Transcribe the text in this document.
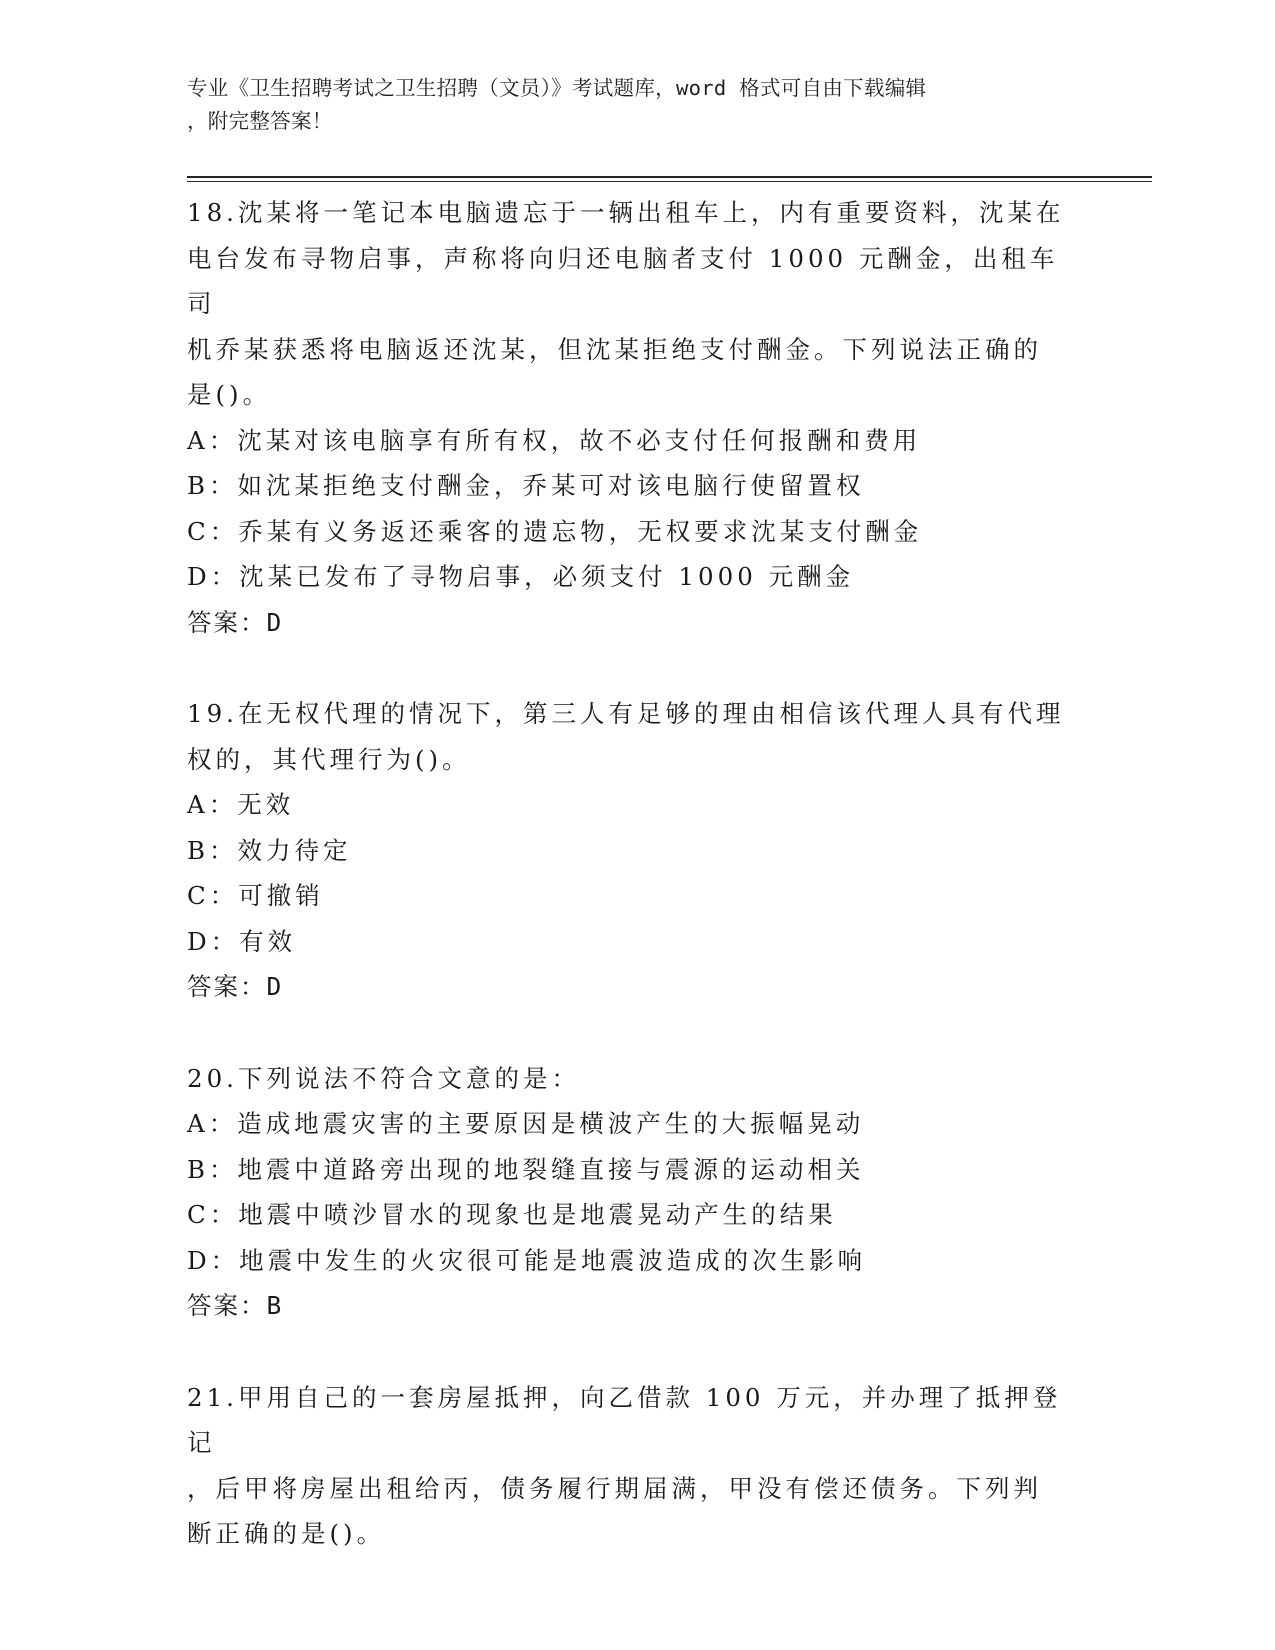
专业《卫生招聘考试之卫生招聘（文员）》考试题库，word 格式可自由下载编辑
，附完整答案！
18.沈某将一笔记本电脑遗忘于一辆出租车上，内有重要资料，沈某在
电台发布寻物启事，声称将向归还电脑者支付 1000 元酬金，出租车司
机乔某获悉将电脑返还沈某，但沈某拒绝支付酬金。下列说法正确的
是()。
A：沈某对该电脑享有所有权，故不必支付任何报酬和费用
B：如沈某拒绝支付酬金，乔某可对该电脑行使留置权
C：乔某有义务返还乘客的遗忘物，无权要求沈某支付酬金
D：沈某已发布了寻物启事，必须支付 1000 元酬金
答案：D
19.在无权代理的情况下，第三人有足够的理由相信该代理人具有代理
权的，其代理行为()。
A：无效
B：效力待定
C：可撤销
D：有效
答案：D
20.下列说法不符合文意的是：
A：造成地震灾害的主要原因是横波产生的大振幅晃动
B：地震中道路旁出现的地裂缝直接与震源的运动相关
C：地震中喷沙冒水的现象也是地震晃动产生的结果
D：地震中发生的火灾很可能是地震波造成的次生影响
答案：B
21.甲用自己的一套房屋抵押，向乙借款 100 万元，并办理了抵押登记
，后甲将房屋出租给丙，债务履行期届满，甲没有偿还债务。下列判
断正确的是()。
